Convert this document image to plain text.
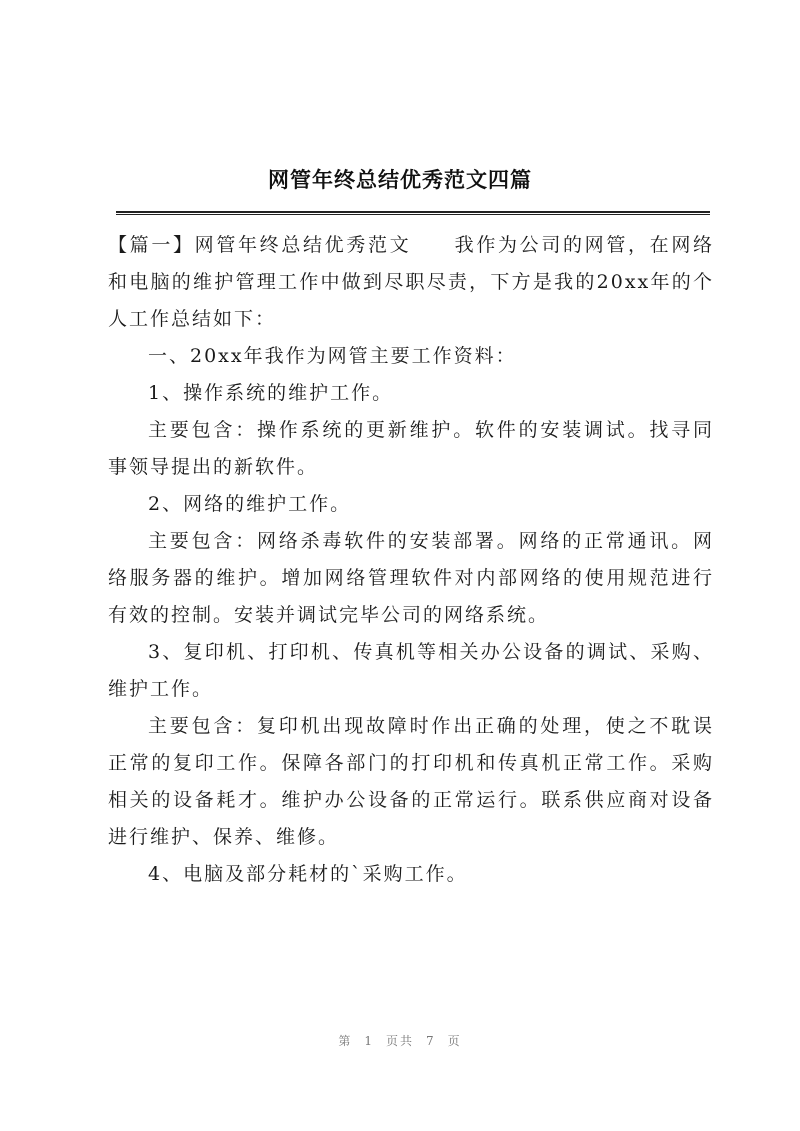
网管年终总结优秀范文四篇

【篇一】网管年终总结优秀范文　　我作为公司的网管，在网络和电脑的维护管理工作中做到尽职尽责，下方是我的20xx年的个人工作总结如下：

一、20xx年我作为网管主要工作资料：

1、操作系统的维护工作。

主要包含：操作系统的更新维护。软件的安装调试。找寻同事领导提出的新软件。

2、网络的维护工作。

主要包含：网络杀毒软件的安装部署。网络的正常通讯。网络服务器的维护。增加网络管理软件对内部网络的使用规范进行有效的控制。安装并调试完毕公司的网络系统。

3、复印机、打印机、传真机等相关办公设备的调试、采购、维护工作。

主要包含：复印机出现故障时作出正确的处理，使之不耽误正常的复印工作。保障各部门的打印机和传真机正常工作。采购相关的设备耗才。维护办公设备的正常运行。联系供应商对设备进行维护、保养、维修。

4、电脑及部分耗材的`采购工作。

第 1 页共 7 页
